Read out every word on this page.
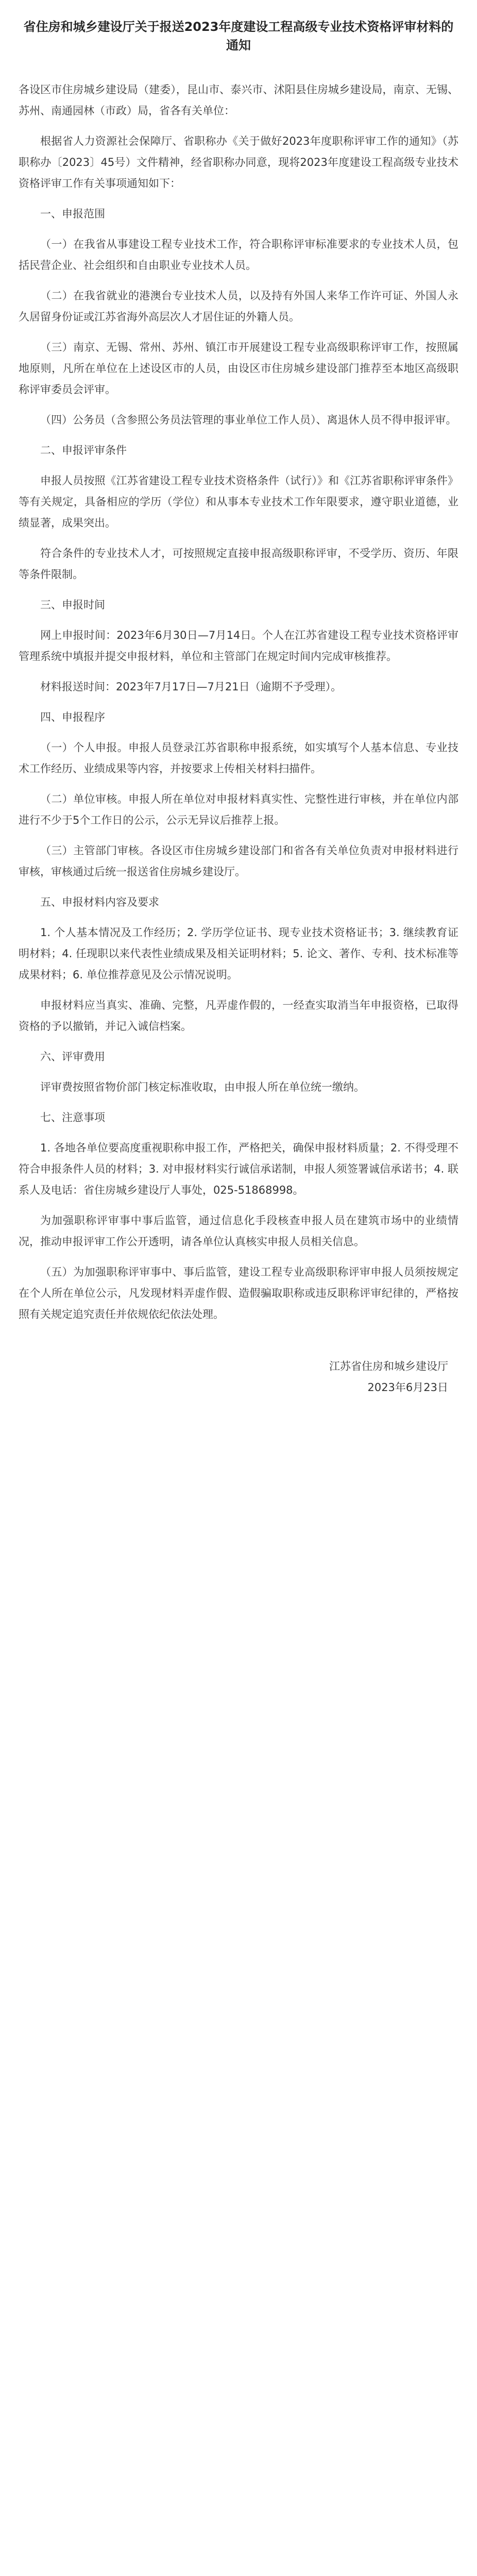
省住房和城乡建设厅关于报送2023年度建设工程高级专业技术资格评审材料的通知
各设区市住房城乡建设局（建委），昆山市、泰兴市、沭阳县住房城乡建设局，南京、无锡、苏州、南通园林（市政）局，省各有关单位：
根据省人力资源社会保障厅、省职称办《关于做好2023年度职称评审工作的通知》（苏职称办〔2023〕45号）文件精神，经省职称办同意，现将2023年度建设工程高级专业技术资格评审工作有关事项通知如下：
一、申报范围
（一）在我省从事建设工程专业技术工作，符合职称评审标准要求的专业技术人员，包括民营企业、社会组织和自由职业专业技术人员。
（二）在我省就业的港澳台专业技术人员，以及持有外国人来华工作许可证、外国人永久居留身份证或江苏省海外高层次人才居住证的外籍人员。
（三）南京、无锡、常州、苏州、镇江市开展建设工程专业高级职称评审工作，按照属地原则，凡所在单位在上述设区市的人员，由设区市住房城乡建设部门推荐至本地区高级职称评审委员会评审。
（四）公务员（含参照公务员法管理的事业单位工作人员）、离退休人员不得申报评审。
二、申报评审条件
申报人员按照《江苏省建设工程专业技术资格条件（试行）》和《江苏省职称评审条件》等有关规定，具备相应的学历（学位）和从事本专业技术工作年限要求，遵守职业道德，业绩显著，成果突出。
符合条件的专业技术人才，可按照规定直接申报高级职称评审，不受学历、资历、年限等条件限制。
三、申报时间
网上申报时间：2023年6月30日—7月14日。个人在江苏省建设工程专业技术资格评审管理系统中填报并提交申报材料，单位和主管部门在规定时间内完成审核推荐。
材料报送时间：2023年7月17日—7月21日（逾期不予受理）。
四、申报程序
（一）个人申报。申报人员登录江苏省职称申报系统，如实填写个人基本信息、专业技术工作经历、业绩成果等内容，并按要求上传相关材料扫描件。
（二）单位审核。申报人所在单位对申报材料真实性、完整性进行审核，并在单位内部进行不少于5个工作日的公示，公示无异议后推荐上报。
（三）主管部门审核。各设区市住房城乡建设部门和省各有关单位负责对申报材料进行审核，审核通过后统一报送省住房城乡建设厅。
五、申报材料内容及要求
1. 个人基本情况及工作经历；2. 学历学位证书、现专业技术资格证书；3. 继续教育证明材料；4. 任现职以来代表性业绩成果及相关证明材料；5. 论文、著作、专利、技术标准等成果材料；6. 单位推荐意见及公示情况说明。
申报材料应当真实、准确、完整，凡弄虚作假的，一经查实取消当年申报资格，已取得资格的予以撤销，并记入诚信档案。
六、评审费用
评审费按照省物价部门核定标准收取，由申报人所在单位统一缴纳。
七、注意事项
1. 各地各单位要高度重视职称申报工作，严格把关，确保申报材料质量；2. 不得受理不符合申报条件人员的材料；3. 对申报材料实行诚信承诺制，申报人须签署诚信承诺书；4. 联系人及电话：省住房城乡建设厅人事处，025-51868998。
为加强职称评审事中事后监管，通过信息化手段核查申报人员在建筑市场中的业绩情况，推动申报评审工作公开透明，请各单位认真核实申报人员相关信息。
（五）为加强职称评审事中、事后监管，建设工程专业高级职称评审申报人员须按规定在个人所在单位公示，凡发现材料弄虚作假、造假骗取职称或违反职称评审纪律的，严格按照有关规定追究责任并依规依纪依法处理。
江苏省住房和城乡建设厅
2023年6月23日
